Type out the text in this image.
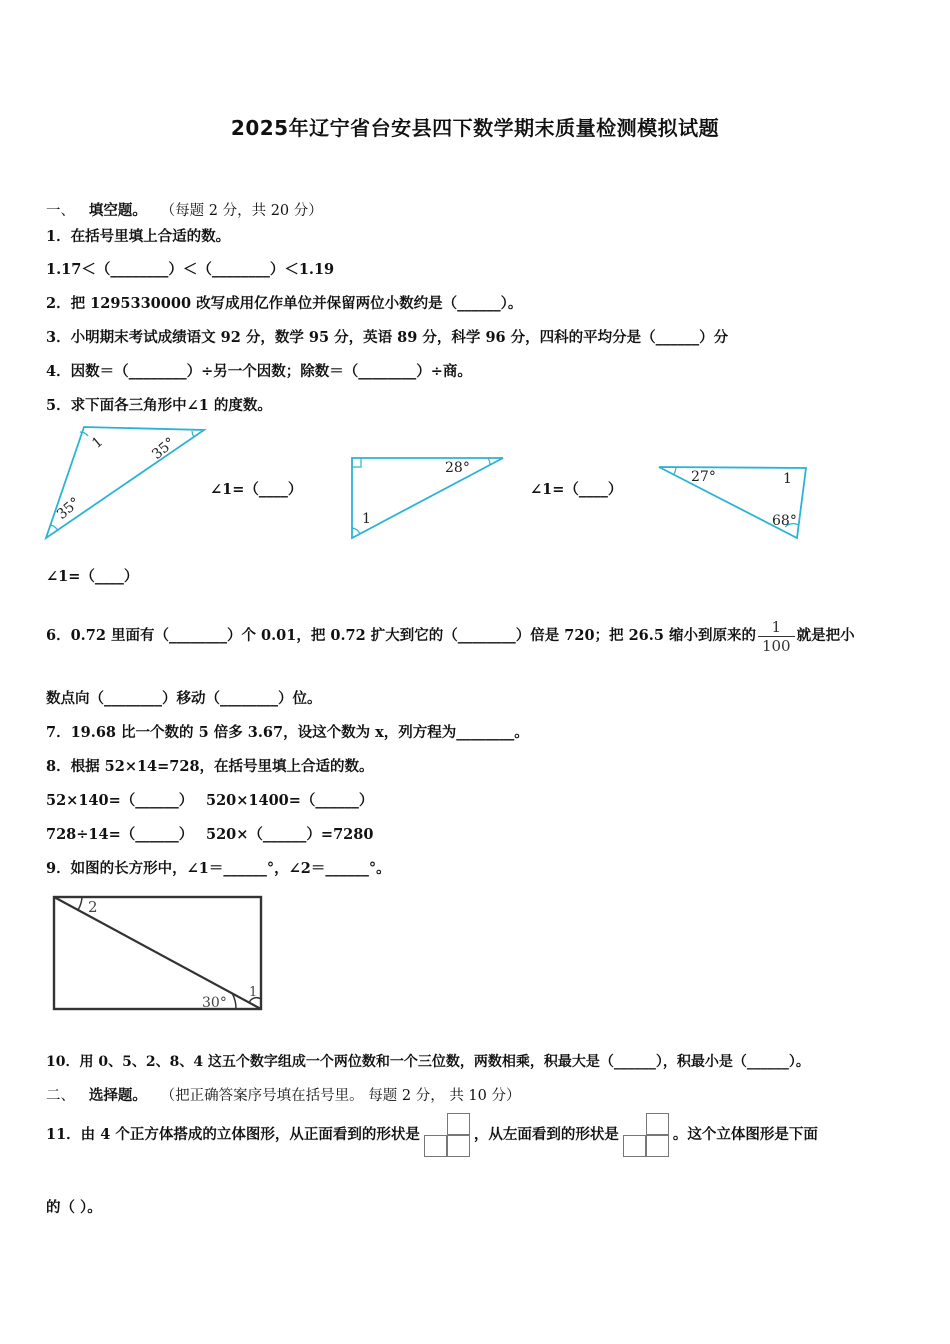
2025年辽宁省台安县四下数学期末质量检测模拟试题
一、 填空题。 （每题 2 分，共 20 分）
1．在括号里填上合适的数。
1.17＜（________）＜（________）＜1.19
2．把 1295330000 改写成用亿作单位并保留两位小数约是（______）。
3．小明期末考试成绩语文 92 分，数学 95 分，英语 89 分，科学 96 分，四科的平均分是（______）分
4．因数＝（________）÷另一个因数；除数＝（________）÷商。
5．求下面各三角形中∠1 的度数。
1	35°
35°
28°
1
27°	1
68°
2
1
30°
∠1=（____）	∠1=（____）
∠1=（____）
6．0.72 里面有（________）个 0.01，把 0.72 扩大到它的（________）倍是 720；把 26.5 缩小到原来的 $\frac{1}{100}$ 就是把小
数点向（________）移动（________）位。
7．19.68 比一个数的 5 倍多 3.67，设这个数为 x，列方程为________。
8．根据 52×14=728，在括号里填上合适的数。
52×140=（______） 520×1400=（______）
728÷14=（______） 520×（______）=7280
9．如图的长方形中，∠1＝______°，∠2＝______°。
10．用 0、5、2、8、4 这五个数字组成一个两位数和一个三位数，两数相乘，积最大是（______），积最小是（______）。
二、 选择题。 （把正确答案序号填在括号里。 每题 2 分， 共 10 分）
11．由 4 个正方体搭成的立体图形，从正面看到的形状是	，从左面看到的形状是	。这个立体图形是下面
的（ ）。
